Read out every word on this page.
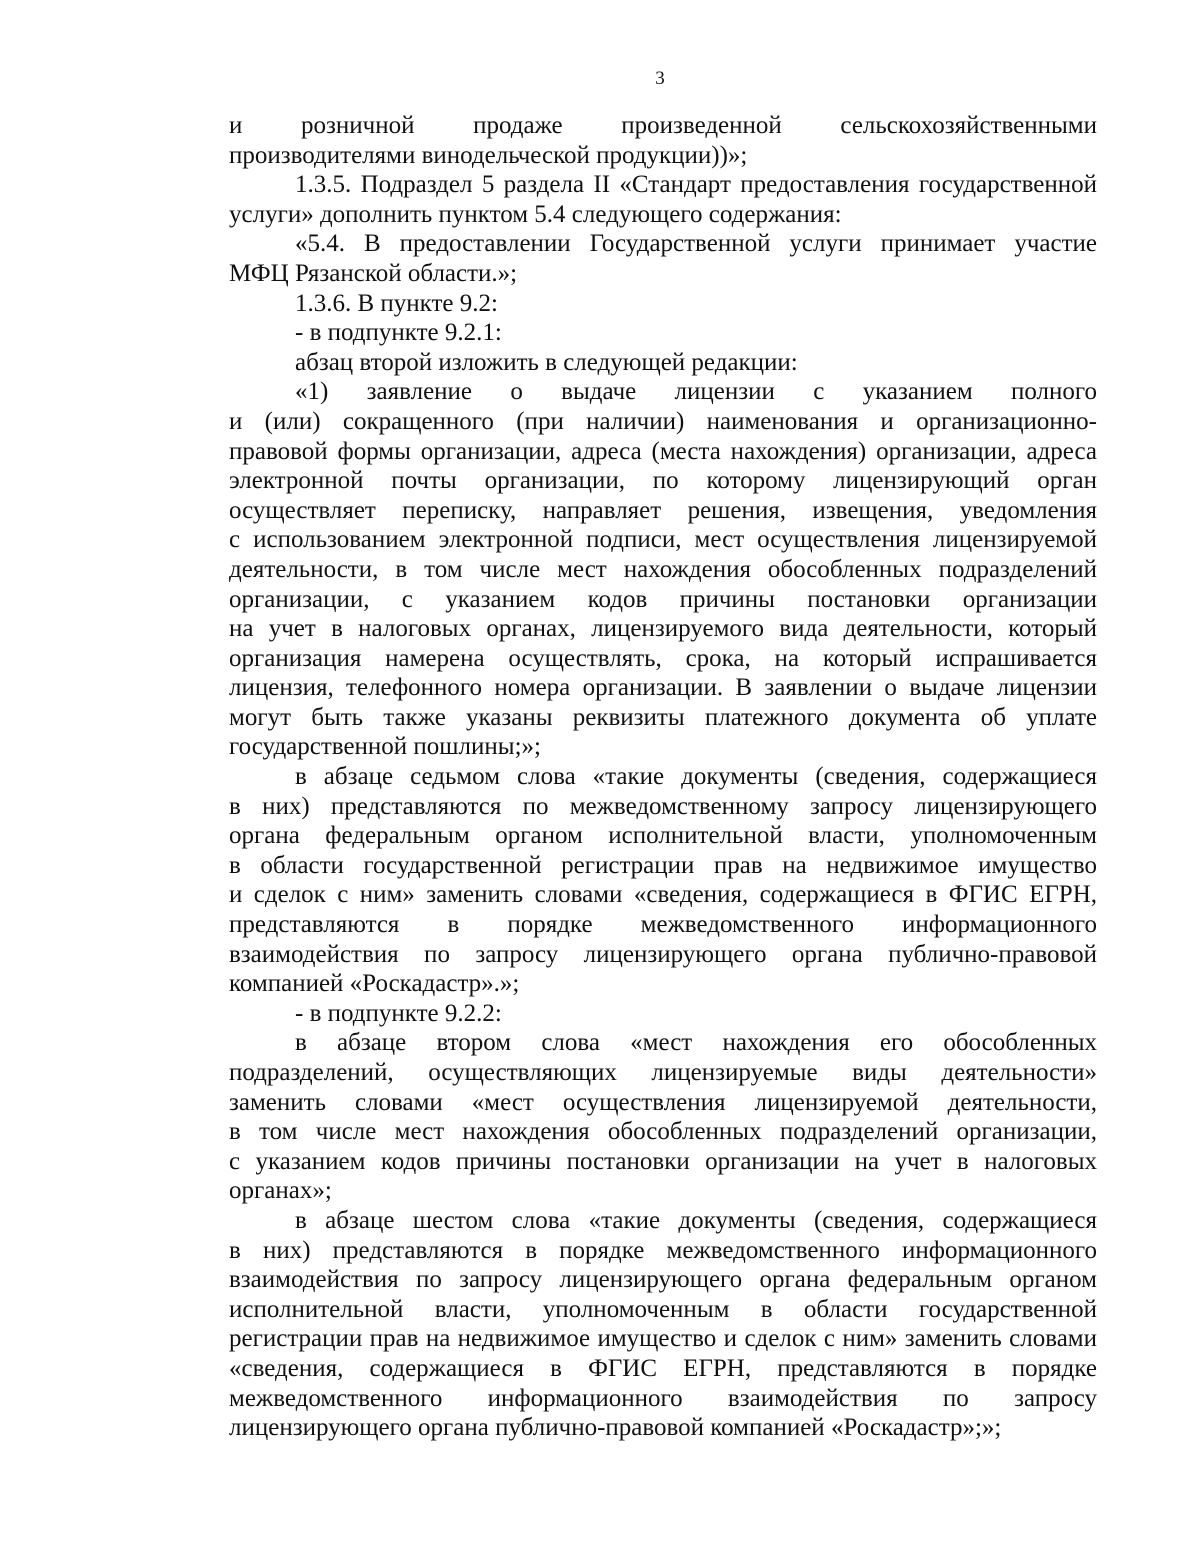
3

и розничной продаже произведенной сельскохозяйственными
производителями винодельческой продукции))»;

1.3.5. Подраздел 5 раздела II «Стандарт предоставления государственной
услуги» дополнить пунктом 5.4 следующего содержания:

«5.4. В предоставлении Государственной услуги принимает участие
МФЦ Рязанской области.»;

1.3.6. В пункте 9.2:

- в подпункте 9.2.1:

абзац второй изложить в следующей редакции:

«1) заявление о выдаче лицензии с указанием полного
и (или) сокращенного (при наличии) наименования и организационно-
правовой формы организации, адреса (места нахождения) организации, адреса
электронной почты организации, по которому лицензирующий орган
осуществляет переписку, направляет решения, извещения, уведомления
с использованием электронной подписи, мест осуществления лицензируемой
деятельности, в том числе мест нахождения обособленных подразделений
организации, с указанием кодов причины постановки организации
на учет в налоговых органах, лицензируемого вида деятельности, который
организация намерена осуществлять, срока, на который испрашивается
лицензия, телефонного номера организации. В заявлении о выдаче лицензии
могут быть также указаны реквизиты платежного документа об уплате
государственной пошлины;»;

в абзаце седьмом слова «такие документы (сведения, содержащиеся
в них) представляются по межведомственному запросу лицензирующего
органа федеральным органом исполнительной власти, уполномоченным
в области государственной регистрации прав на недвижимое имущество
и сделок с ним» заменить словами «сведения, содержащиеся в ФГИС ЕГРН,
представляются в порядке межведомственного информационного
взаимодействия по запросу лицензирующего органа публично-правовой
компанией «Роскадастр».»;

- в подпункте 9.2.2:

в абзаце втором слова «мест нахождения его обособленных
подразделений, осуществляющих лицензируемые виды деятельности»
заменить словами «мест осуществления лицензируемой деятельности,
в том числе мест нахождения обособленных подразделений организации,
с указанием кодов причины постановки организации на учет в налоговых
органах»;

в абзаце шестом слова «такие документы (сведения, содержащиеся
в них) представляются в порядке межведомственного информационного
взаимодействия по запросу лицензирующего органа федеральным органом
исполнительной власти, уполномоченным в области государственной
регистрации прав на недвижимое имущество и сделок с ним» заменить словами
«сведения, содержащиеся в ФГИС ЕГРН, представляются в порядке
межведомственного информационного взаимодействия по запросу
лицензирующего органа публично-правовой компанией «Роскадастр»;»;
